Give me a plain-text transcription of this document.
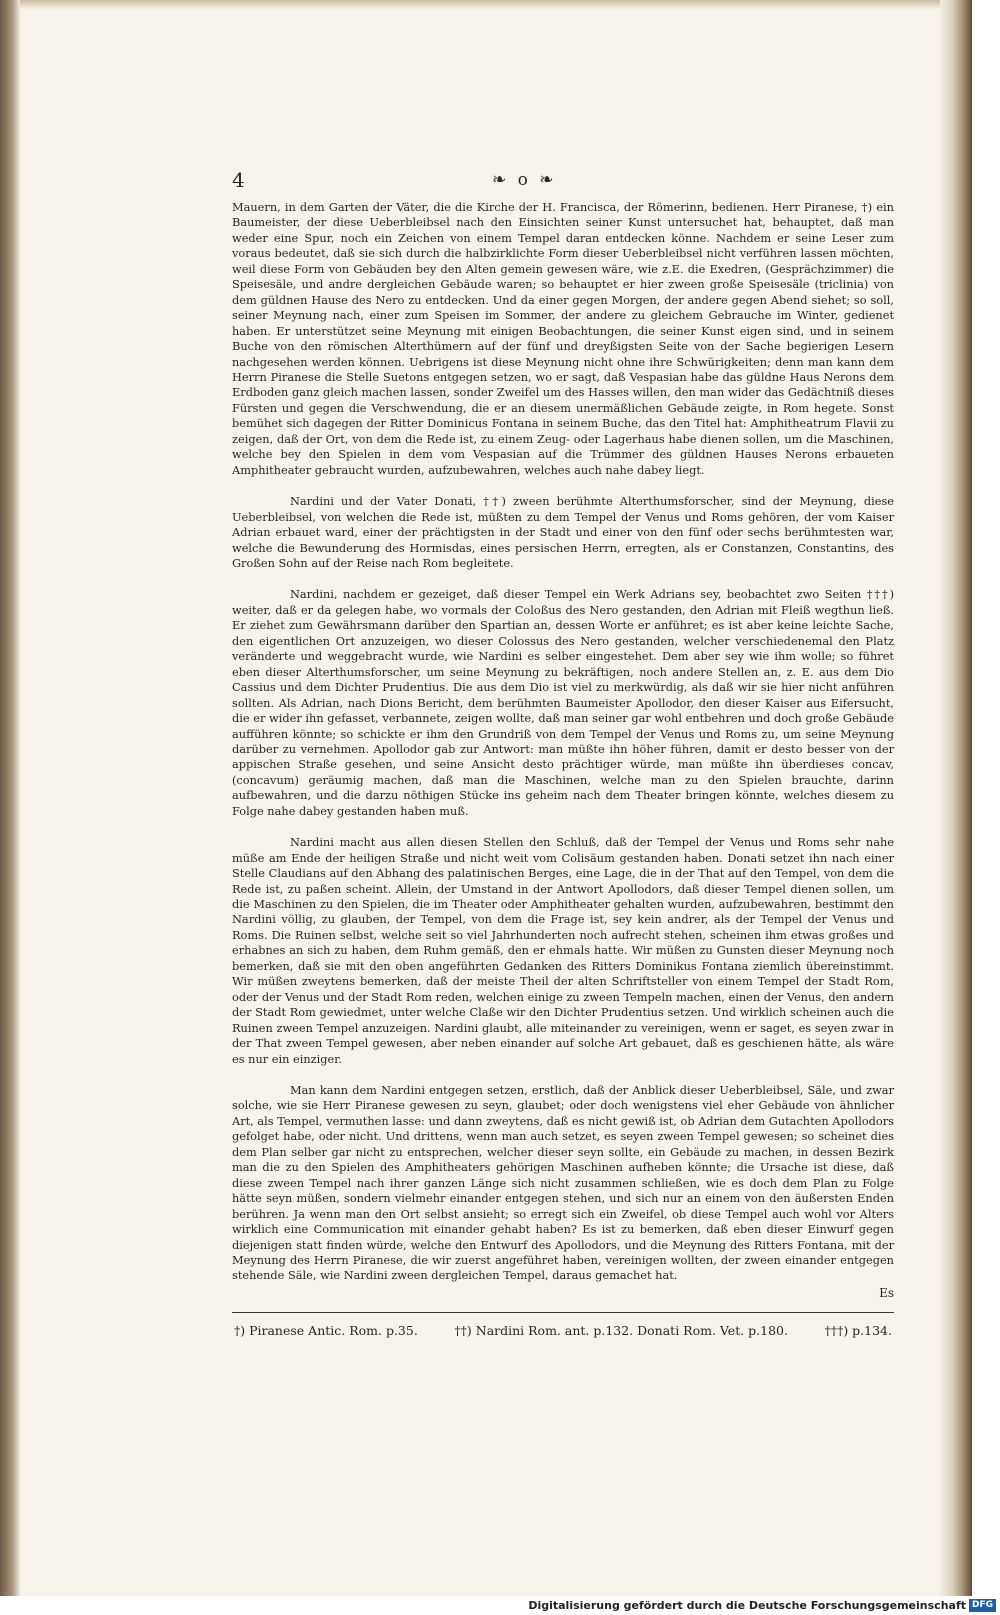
4	❧ o ❧

Mauern, in dem Garten der Väter, die die Kirche der H. Francisca, der Römerinn, bedienen. Herr Piranese, †) ein Baumeister, der diese Ueberbleibsel nach den Einsichten seiner Kunst untersuchet hat, behauptet, daß man weder eine Spur, noch ein Zeichen von einem Tempel daran entdecken könne. Nachdem er seine Leser zum voraus bedeutet, daß sie sich durch die halbzirklichte Form dieser Ueberbleibsel nicht verführen lassen möchten, weil diese Form von Gebäuden bey den Alten gemein gewesen wäre, wie z.E. die Exedren, (Gesprächzimmer) die Speisesäle, und andre dergleichen Gebäude waren; so behauptet er hier zween große Speisesäle (triclinia) von dem güldnen Hause des Nero zu entdecken. Und da einer gegen Morgen, der andere gegen Abend siehet; so soll, seiner Meynung nach, einer zum Speisen im Sommer, der andere zu gleichem Gebrauche im Winter, gedienet haben. Er unterstützet seine Meynung mit einigen Beobachtungen, die seiner Kunst eigen sind, und in seinem Buche von den römischen Alterthümern auf der fünf und dreyßigsten Seite von der Sache begierigen Lesern nachgesehen werden können. Uebrigens ist diese Meynung nicht ohne ihre Schwürigkeiten; denn man kann dem Herrn Piranese die Stelle Suetons entgegen setzen, wo er sagt, daß Vespasian habe das güldne Haus Nerons dem Erdboden ganz gleich machen lassen, sonder Zweifel um des Hasses willen, den man wider das Gedächtniß dieses Fürsten und gegen die Verschwendung, die er an diesem unermäßlichen Gebäude zeigte, in Rom hegete. Sonst bemühet sich dagegen der Ritter Dominicus Fontana in seinem Buche, das den Titel hat: Amphitheatrum Flavii zu zeigen, daß der Ort, von dem die Rede ist, zu einem Zeug- oder Lagerhaus habe dienen sollen, um die Maschinen, welche bey den Spielen in dem vom Vespasian auf die Trümmer des güldnen Hauses Nerons erbaueten Amphitheater gebraucht wurden, aufzubewahren, welches auch nahe dabey liegt.

Nardini und der Vater Donati, ††) zween berühmte Alterthumsforscher, sind der Meynung, diese Ueberbleibsel, von welchen die Rede ist, müßten zu dem Tempel der Venus und Roms gehören, der vom Kaiser Adrian erbauet ward, einer der prächtigsten in der Stadt und einer von den fünf oder sechs berühmtesten war, welche die Bewunderung des Hormisdas, eines persischen Herrn, erregten, als er Constanzen, Constantins, des Großen Sohn auf der Reise nach Rom begleitete.

Nardini, nachdem er gezeiget, daß dieser Tempel ein Werk Adrians sey, beobachtet zwo Seiten †††) weiter, daß er da gelegen habe, wo vormals der Coloßus des Nero gestanden, den Adrian mit Fleiß wegthun ließ. Er ziehet zum Gewährsmann darüber den Spartian an, dessen Worte er anführet; es ist aber keine leichte Sache, den eigentlichen Ort anzuzeigen, wo dieser Colossus des Nero gestanden, welcher verschiedenemal den Platz veränderte und weggebracht wurde, wie Nardini es selber eingestehet. Dem aber sey wie ihm wolle; so führet eben dieser Alterthumsforscher, um seine Meynung zu bekräftigen, noch andere Stellen an, z. E. aus dem Dio Cassius und dem Dichter Prudentius. Die aus dem Dio ist viel zu merkwürdig, als daß wir sie hier nicht anführen sollten. Als Adrian, nach Dions Bericht, dem berühmten Baumeister Apollodor, den dieser Kaiser aus Eifersucht, die er wider ihn gefasset, verbannete, zeigen wollte, daß man seiner gar wohl entbehren und doch große Gebäude aufführen könnte; so schickte er ihm den Grundriß von dem Tempel der Venus und Roms zu, um seine Meynung darüber zu vernehmen. Apollodor gab zur Antwort: man müßte ihn höher führen, damit er desto besser von der appischen Straße gesehen, und seine Ansicht desto prächtiger würde, man müßte ihn überdieses concav, (concavum) geräumig machen, daß man die Maschinen, welche man zu den Spielen brauchte, darinn aufbewahren, und die darzu nöthigen Stücke ins geheim nach dem Theater bringen könnte, welches diesem zu Folge nahe dabey gestanden haben muß.

Nardini macht aus allen diesen Stellen den Schluß, daß der Tempel der Venus und Roms sehr nahe müße am Ende der heiligen Straße und nicht weit vom Colisäum gestanden haben. Donati setzet ihn nach einer Stelle Claudians auf den Abhang des palatinischen Berges, eine Lage, die in der That auf den Tempel, von dem die Rede ist, zu paßen scheint. Allein, der Umstand in der Antwort Apollodors, daß dieser Tempel dienen sollen, um die Maschinen zu den Spielen, die im Theater oder Amphitheater gehalten wurden, aufzubewahren, bestimmt den Nardini völlig, zu glauben, der Tempel, von dem die Frage ist, sey kein andrer, als der Tempel der Venus und Roms. Die Ruinen selbst, welche seit so viel Jahrhunderten noch aufrecht stehen, scheinen ihm etwas großes und erhabnes an sich zu haben, dem Ruhm gemäß, den er ehmals hatte. Wir müßen zu Gunsten dieser Meynung noch bemerken, daß sie mit den oben angeführten Gedanken des Ritters Dominikus Fontana ziemlich übereinstimmt. Wir müßen zweytens bemerken, daß der meiste Theil der alten Schriftsteller von einem Tempel der Stadt Rom, oder der Venus und der Stadt Rom reden, welchen einige zu zween Tempeln machen, einen der Venus, den andern der Stadt Rom gewiedmet, unter welche Claße wir den Dichter Prudentius setzen. Und wirklich scheinen auch die Ruinen zween Tempel anzuzeigen. Nardini glaubt, alle miteinander zu vereinigen, wenn er saget, es seyen zwar in der That zween Tempel gewesen, aber neben einander auf solche Art gebauet, daß es geschienen hätte, als wäre es nur ein einziger.

Man kann dem Nardini entgegen setzen, erstlich, daß der Anblick dieser Ueberbleibsel, Säle, und zwar solche, wie sie Herr Piranese gewesen zu seyn, glaubet; oder doch wenigstens viel eher Gebäude von ähnlicher Art, als Tempel, vermuthen lasse: und dann zweytens, daß es nicht gewiß ist, ob Adrian dem Gutachten Apollodors gefolget habe, oder nicht. Und drittens, wenn man auch setzet, es seyen zween Tempel gewesen; so scheinet dies dem Plan selber gar nicht zu entsprechen, welcher dieser seyn sollte, ein Gebäude zu machen, in dessen Bezirk man die zu den Spielen des Amphitheaters gehörigen Maschinen aufheben könnte; die Ursache ist diese, daß diese zween Tempel nach ihrer ganzen Länge sich nicht zusammen schließen, wie es doch dem Plan zu Folge hätte seyn müßen, sondern vielmehr einander entgegen stehen, und sich nur an einem von den äußersten Enden berühren. Ja wenn man den Ort selbst ansieht; so erregt sich ein Zweifel, ob diese Tempel auch wohl vor Alters wirklich eine Communication mit einander gehabt haben? Es ist zu bemerken, daß eben dieser Einwurf gegen diejenigen statt finden würde, welche den Entwurf des Apollodors, und die Meynung des Ritters Fontana, mit der Meynung des Herrn Piranese, die wir zuerst angeführet haben, vereinigen wollten, der zween einander entgegen stehende Säle, wie Nardini zween dergleichen Tempel, daraus gemachet hat.

Es
†) Piranese Antic. Rom. p.35.	††) Nardini Rom. ant. p.132. Donati Rom. Vet. p.180.	†††) p.134.
Digitalisierung gefördert durch die Deutsche Forschungsgemeinschaft DFG
